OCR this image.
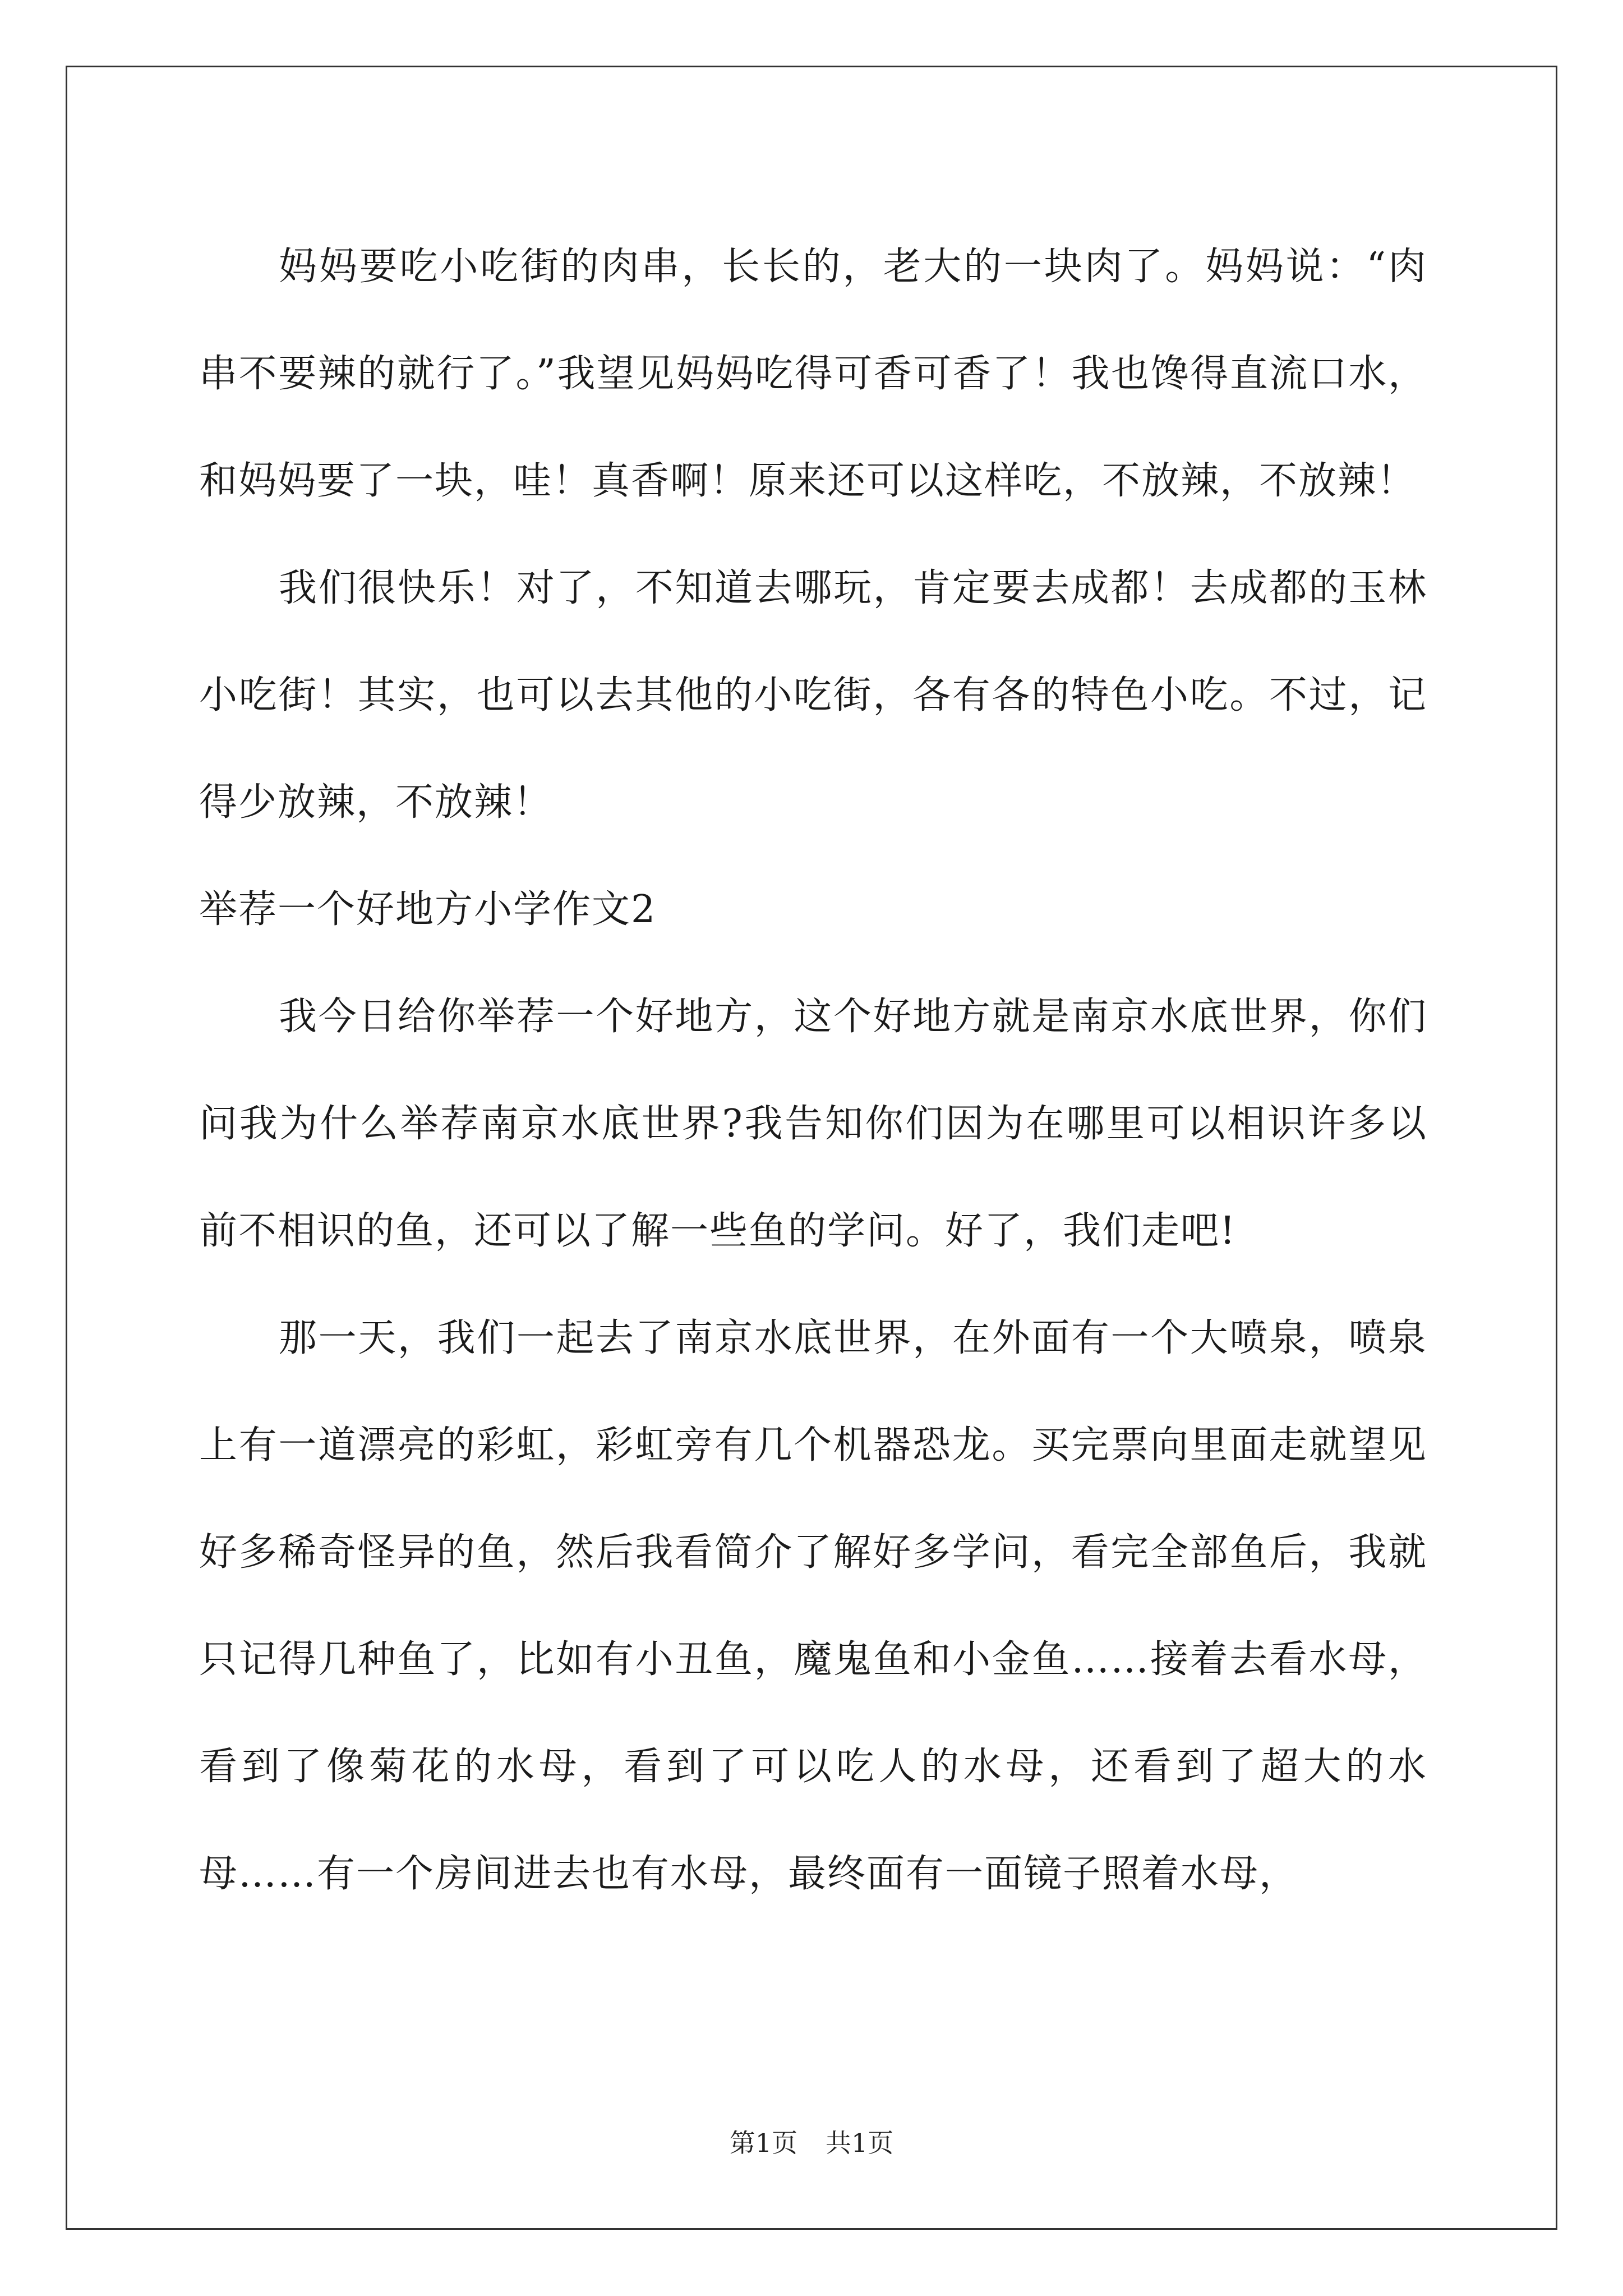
妈妈要吃小吃街的肉串，长长的，老大的一块肉了。妈妈说：“肉串不要辣的就行了。”我望见妈妈吃得可香可香了！我也馋得直流口水，和妈妈要了一块，哇！真香啊！原来还可以这样吃，不放辣，不放辣！

我们很快乐！对了，不知道去哪玩，肯定要去成都！去成都的玉林小吃街！其实，也可以去其他的小吃街，各有各的特色小吃。不过，记得少放辣，不放辣！

举荐一个好地方小学作文2

我今日给你举荐一个好地方，这个好地方就是南京水底世界，你们问我为什么举荐南京水底世界?我告知你们因为在哪里可以相识许多以前不相识的鱼，还可以了解一些鱼的学问。好了，我们走吧!

那一天，我们一起去了南京水底世界，在外面有一个大喷泉，喷泉上有一道漂亮的彩虹，彩虹旁有几个机器恐龙。买完票向里面走就望见好多稀奇怪异的鱼，然后我看简介了解好多学问，看完全部鱼后，我就只记得几种鱼了，比如有小丑鱼，魔鬼鱼和小金鱼……接着去看水母，看到了像菊花的水母，看到了可以吃人的水母，还看到了超大的水母……有一个房间进去也有水母，最终面有一面镜子照着水母，

第1页 共1页
